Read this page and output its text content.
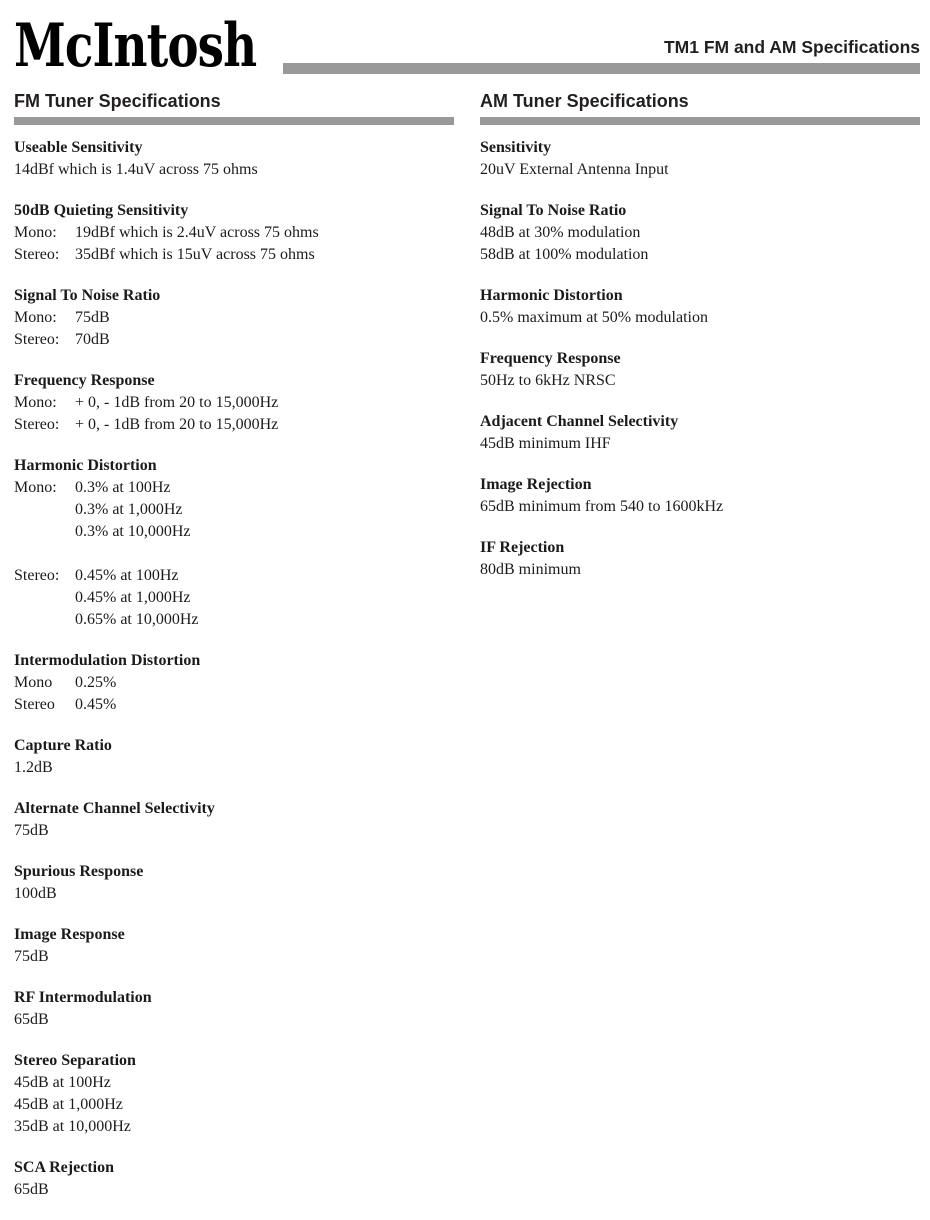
McIntosh	TM1 FM and AM Specifications
FM Tuner Specifications
Useable Sensitivity
14dBf which is 1.4uV across 75 ohms
50dB Quieting Sensitivity
Mono:	19dBf which is 2.4uV across 75 ohms
Stereo: 35dBf which is 15uV across 75 ohms
Signal To Noise Ratio
Mono:	75dB
Stereo: 70dB
Frequency Response
Mono:	+ 0, - 1dB from 20 to 15,000Hz
Stereo: + 0, - 1dB from 20 to 15,000Hz
Harmonic Distortion
Mono:	0.3% at 100Hz
0.3% at 1,000Hz
0.3% at 10,000Hz
Stereo: 0.45% at 100Hz
0.45% at 1,000Hz
0.65% at 10,000Hz
Intermodulation Distortion
Mono	0.25%
Stereo	0.45%
Capture Ratio
1.2dB
Alternate Channel Selectivity
75dB
Spurious Response
100dB
Image Response
75dB
RF Intermodulation
65dB
Stereo Separation
45dB at 100Hz
45dB at 1,000Hz
35dB at 10,000Hz
SCA Rejection
65dB
AM Tuner Specifications
Sensitivity
20uV External Antenna Input
Signal To Noise Ratio
48dB at 30% modulation
58dB at 100% modulation
Harmonic Distortion
0.5% maximum at 50% modulation
Frequency Response
50Hz to 6kHz NRSC
Adjacent Channel Selectivity
45dB minimum IHF
Image Rejection
65dB minimum from 540 to 1600kHz
IF Rejection
80dB minimum
